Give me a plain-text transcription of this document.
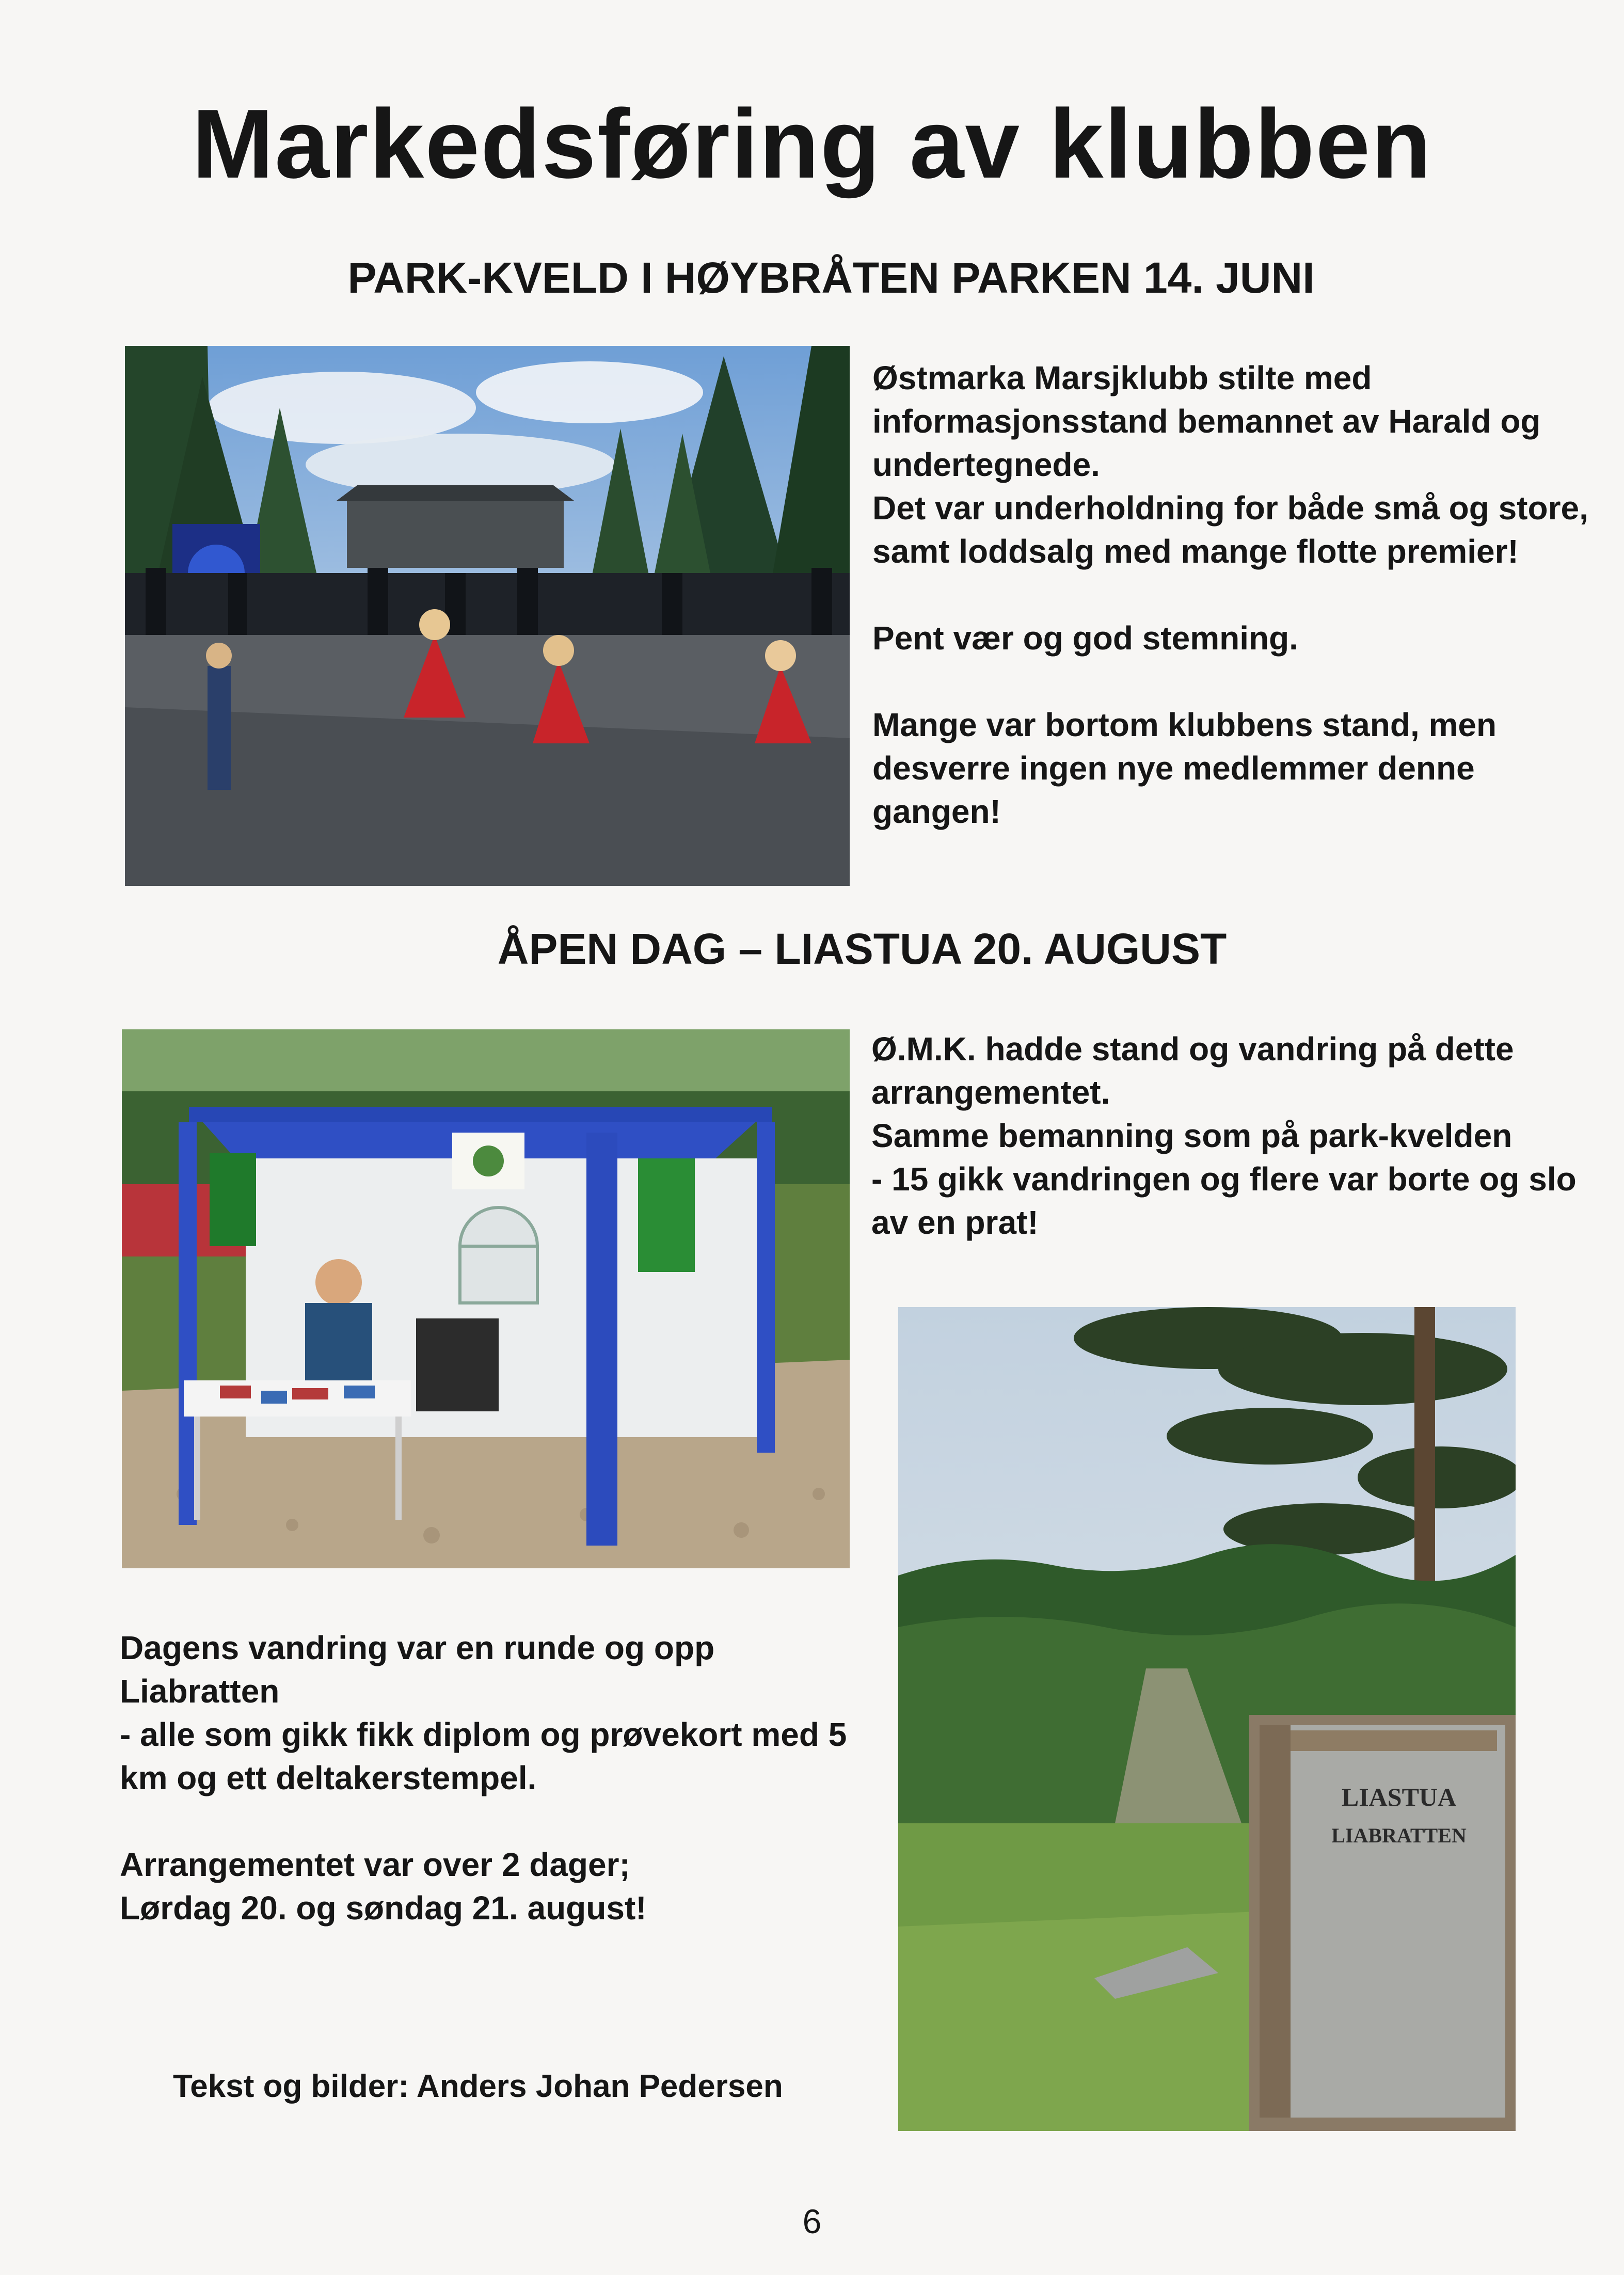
Markedsføring av klubben
PARK-KVELD I HØYBRÅTEN PARKEN 14. JUNI

Østmarka Marsjklubb stilte med informasjonsstand bemannet av Harald og undertegnede.
Det var underholdning for både små og store, samt loddsalg med mange flotte premier!

Pent vær og god stemning.

Mange var bortom klubbens stand, men desverre ingen nye medlemmer denne gangen!

ÅPEN DAG – LIASTUA 20. AUGUST
Ø.M.K. hadde stand og vandring på dette arrangementet.
Samme bemanning som på park-kvelden
- 15 gikk vandringen og flere var borte og slo av en prat!
LIASTUA
LIABRATTEN

Dagens vandring var en runde og opp Liabratten
- alle som gikk fikk diplom og prøvekort med 5 km og ett deltakerstempel.

Arrangementet var over 2 dager;
Lørdag 20. og søndag 21. august!

Tekst og bilder: Anders Johan Pedersen
6
